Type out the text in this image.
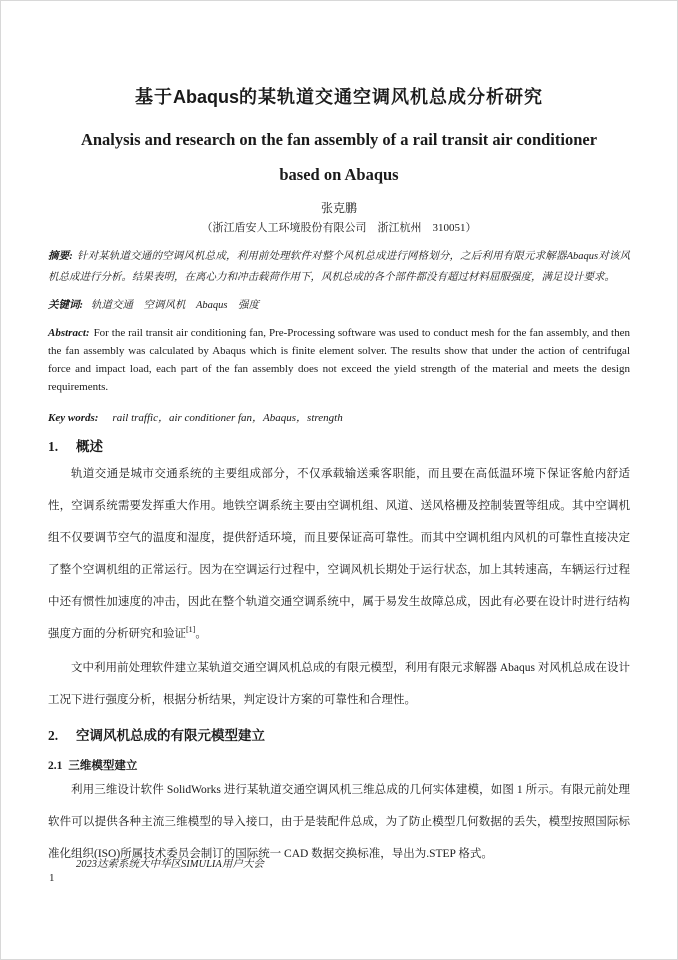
基于Abaqus的某轨道交通空调风机总成分析研究
Analysis and research on the fan assembly of a rail transit air conditioner
based on Abaqus
张克鹏
（浙江盾安人工环境股份有限公司　浙江杭州　310051）

摘要: 针对某轨道交通的空调风机总成，利用前处理软件对整个风机总成进行网格划分，之后利用有限元求解器Abaqus对该风机总成进行分析。结果表明，在离心力和冲击载荷作用下，风机总成的各个部件都没有超过材料屈服强度，满足设计要求。

关键词: 轨道交通　空调风机　Abaqus　强度

Abstract: For the rail transit air conditioning fan, Pre-Processing software was used to conduct mesh for the fan assembly, and then the fan assembly was calculated by Abaqus which is finite element solver. The results show that under the action of centrifugal force and impact load, each part of the fan assembly does not exceed the yield strength of the material and meets the design requirements.

Key words: rail traffic，air conditioner fan，Abaqus，strength

1. 概述

轨道交通是城市交通系统的主要组成部分，不仅承载输送乘客职能，而且要在高低温环境下保证客舱内舒适性，空调系统需要发挥重大作用。地铁空调系统主要由空调机组、风道、送风格栅及控制装置等组成。其中空调机组不仅要调节空气的温度和湿度，提供舒适环境，而且要保证高可靠性。而其中空调机组内风机的可靠性直接决定了整个空调机组的正常运行。因为在空调运行过程中，空调风机长期处于运行状态，加上其转速高，车辆运行过程中还有惯性加速度的冲击，因此在整个轨道交通空调系统中，属于易发生故障总成，因此有必要在设计时进行结构强度方面的分析研究和验证[1]。

文中利用前处理软件建立某轨道交通空调风机总成的有限元模型，利用有限元求解器 Abaqus 对风机总成在设计工况下进行强度分析，根据分析结果，判定设计方案的可靠性和合理性。

2. 空调风机总成的有限元模型建立
2.1 三维模型建立

利用三维设计软件 SolidWorks 进行某轨道交通空调风机三维总成的几何实体建模，如图 1 所示。有限元前处理软件可以提供各种主流三维模型的导入接口，由于是装配件总成，为了防止模型几何数据的丢失，模型按照国际标准化组织(ISO)所属技术委员会制订的国际统一 CAD 数据交换标准，导出为.STEP 格式。

2023达索系统大中华区SIMULIA用户大会
1
